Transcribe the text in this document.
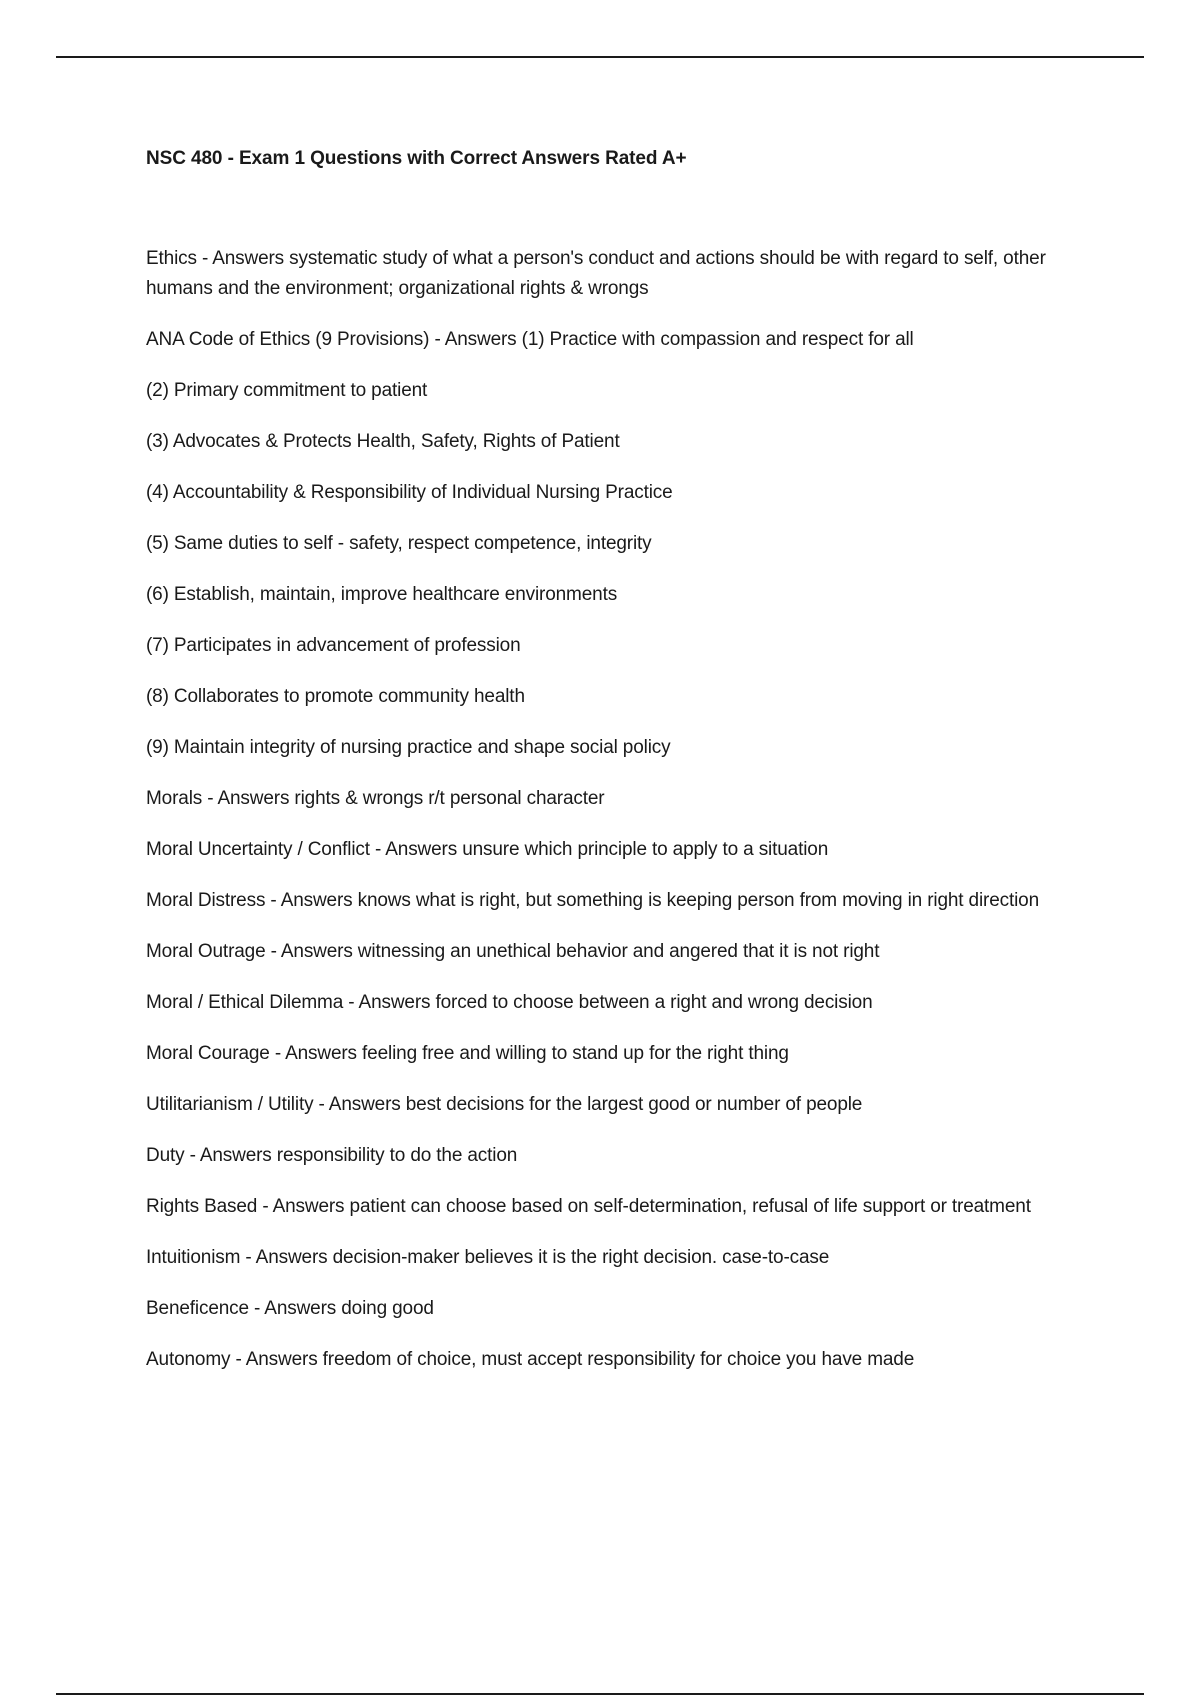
NSC 480 - Exam 1 Questions with Correct Answers Rated A+

Ethics - Answers systematic study of what a person's conduct and actions should be with regard to self, other humans and the environment; organizational rights & wrongs

ANA Code of Ethics (9 Provisions) - Answers (1) Practice with compassion and respect for all

(2) Primary commitment to patient

(3) Advocates & Protects Health, Safety, Rights of Patient

(4) Accountability & Responsibility of Individual Nursing Practice

(5) Same duties to self - safety, respect competence, integrity

(6) Establish, maintain, improve healthcare environments

(7) Participates in advancement of profession

(8) Collaborates to promote community health

(9) Maintain integrity of nursing practice and shape social policy

Morals - Answers rights & wrongs r/t personal character

Moral Uncertainty / Conflict - Answers unsure which principle to apply to a situation

Moral Distress - Answers knows what is right, but something is keeping person from moving in right direction

Moral Outrage - Answers witnessing an unethical behavior and angered that it is not right

Moral / Ethical Dilemma - Answers forced to choose between a right and wrong decision

Moral Courage - Answers feeling free and willing to stand up for the right thing

Utilitarianism / Utility - Answers best decisions for the largest good or number of people

Duty - Answers responsibility to do the action

Rights Based - Answers patient can choose based on self-determination, refusal of life support or treatment

Intuitionism - Answers decision-maker believes it is the right decision. case-to-case

Beneficence - Answers doing good

Autonomy - Answers freedom of choice, must accept responsibility for choice you have made
